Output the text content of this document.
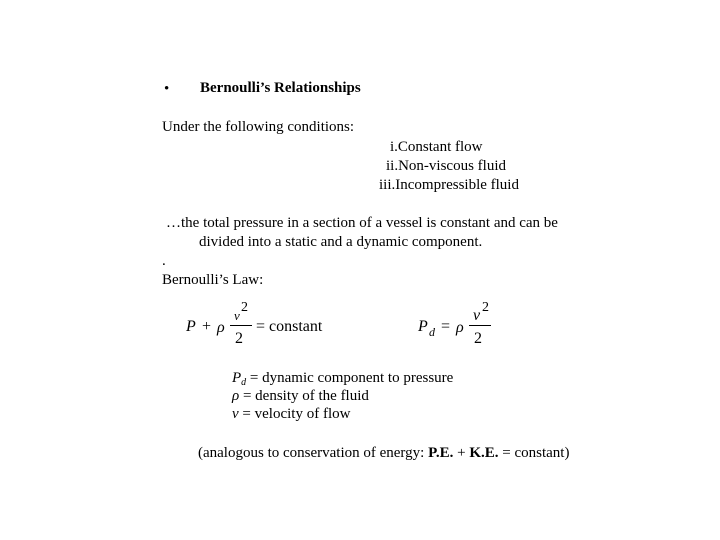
• Bernoulli’s Relationships
Under the following conditions:
i.Constant flow
ii.Non-viscous fluid
iii.Incompressible fluid
…the total pressure in a section of a vessel is constant and can be
divided into a static and a dynamic component.
.
Bernoulli’s Law:
P + ρ
v
2
2
= constant	P d = ρ
v 2
2
$P_d$ = dynamic component to pressure
ρ = density of the fluid
v = velocity of flow
(analogous to conservation of energy: P.E. + K.E. = constant)
